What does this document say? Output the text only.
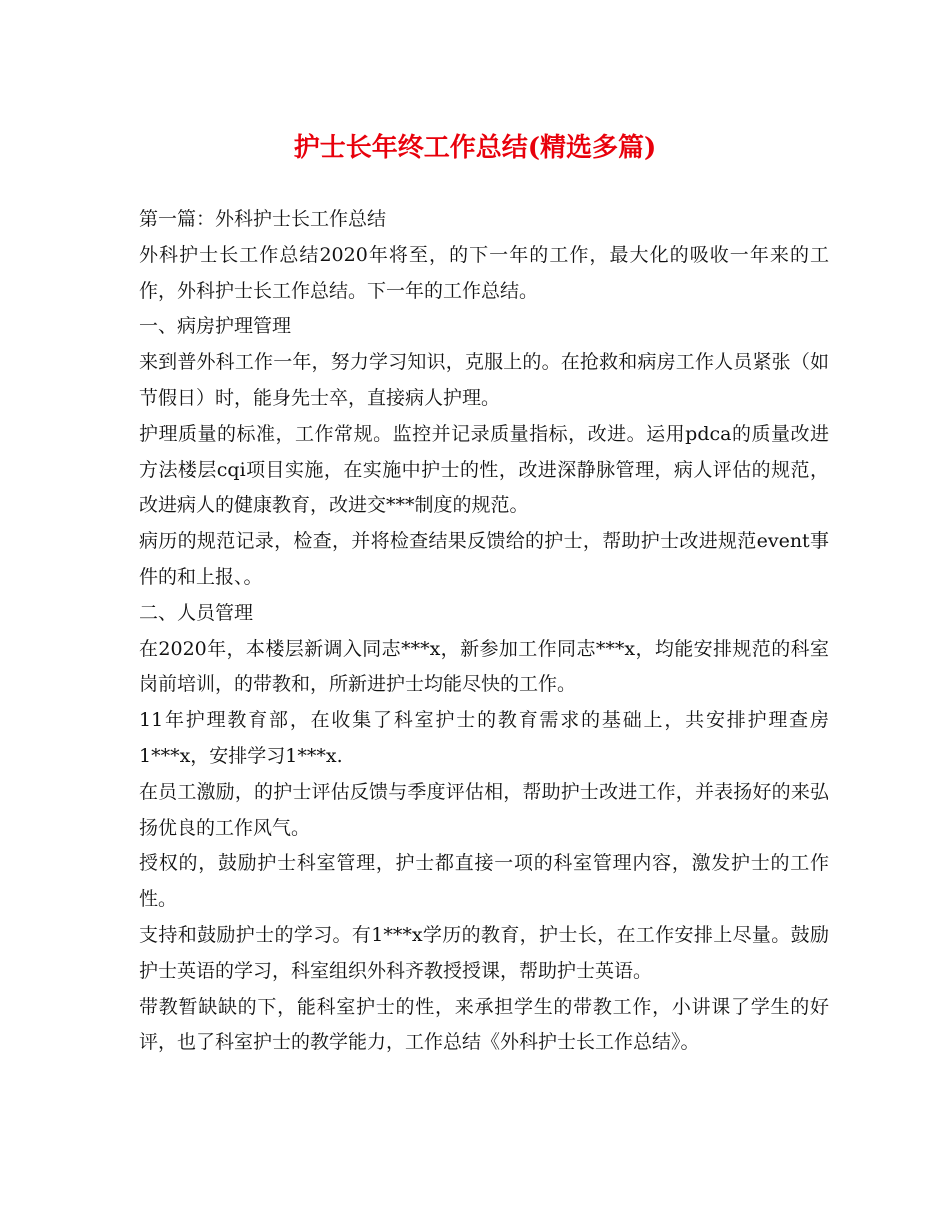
护士长年终工作总结(精选多篇)

第一篇：外科护士长工作总结

外科护士长工作总结2020年将至，的下一年的工作，最大化的吸收一年来的工作，外科护士长工作总结。下一年的工作总结。

一、病房护理管理

来到普外科工作一年，努力学习知识，克服上的。在抢救和病房工作人员紧张（如节假日）时，能身先士卒，直接病人护理。

护理质量的标准，工作常规。监控并记录质量指标，改进。运用pdca的质量改进方法楼层cqi项目实施，在实施中护士的性，改进深静脉管理，病人评估的规范，改进病人的健康教育，改进交***制度的规范。

病历的规范记录，检查，并将检查结果反馈给的护士，帮助护士改进规范event事件的和上报、。

二、人员管理

在2020年，本楼层新调入同志***x，新参加工作同志***x，均能安排规范的科室岗前培训，的带教和，所新进护士均能尽快的工作。

11年护理教育部，在收集了科室护士的教育需求的基础上，共安排护理查房1***x，安排学习1***x.

在员工激励，的护士评估反馈与季度评估相，帮助护士改进工作，并表扬好的来弘扬优良的工作风气。

授权的，鼓励护士科室管理，护士都直接一项的科室管理内容，激发护士的工作性。

支持和鼓励护士的学习。有1***x学历的教育，护士长，在工作安排上尽量。鼓励护士英语的学习，科室组织外科齐教授授课，帮助护士英语。

带教暂缺缺的下，能科室护士的性，来承担学生的带教工作，小讲课了学生的好评，也了科室护士的教学能力，工作总结《外科护士长工作总结》。
